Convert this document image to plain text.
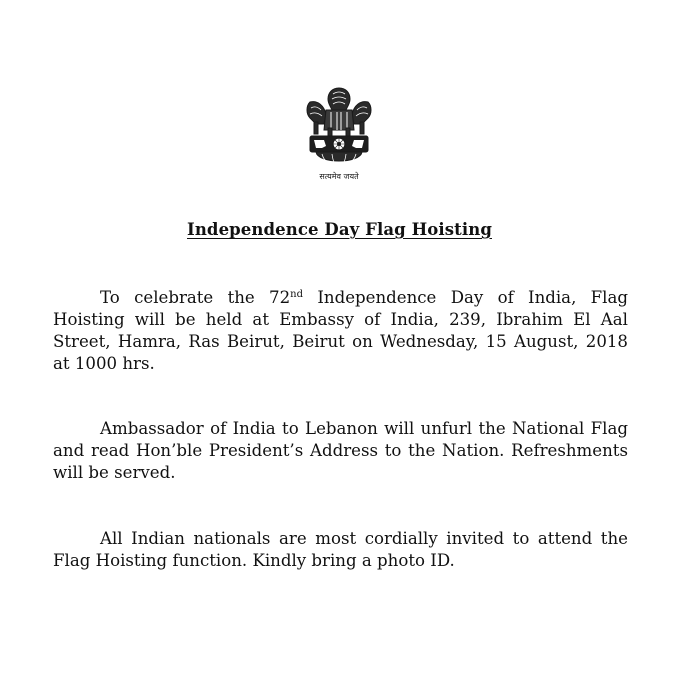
सत्यमेव जयते
Independence Day Flag Hoisting

To celebrate the 72nd Independence Day of India, Flag Hoisting will be held at Embassy of India, 239, Ibrahim El Aal Street, Hamra, Ras Beirut, Beirut on Wednesday, 15 August, 2018 at 1000 hrs.

Ambassador of India to Lebanon will unfurl the National Flag and read Hon’ble President’s Address to the Nation. Refreshments will be served.

All Indian nationals are most cordially invited to attend the Flag Hoisting function. Kindly bring a photo ID.
